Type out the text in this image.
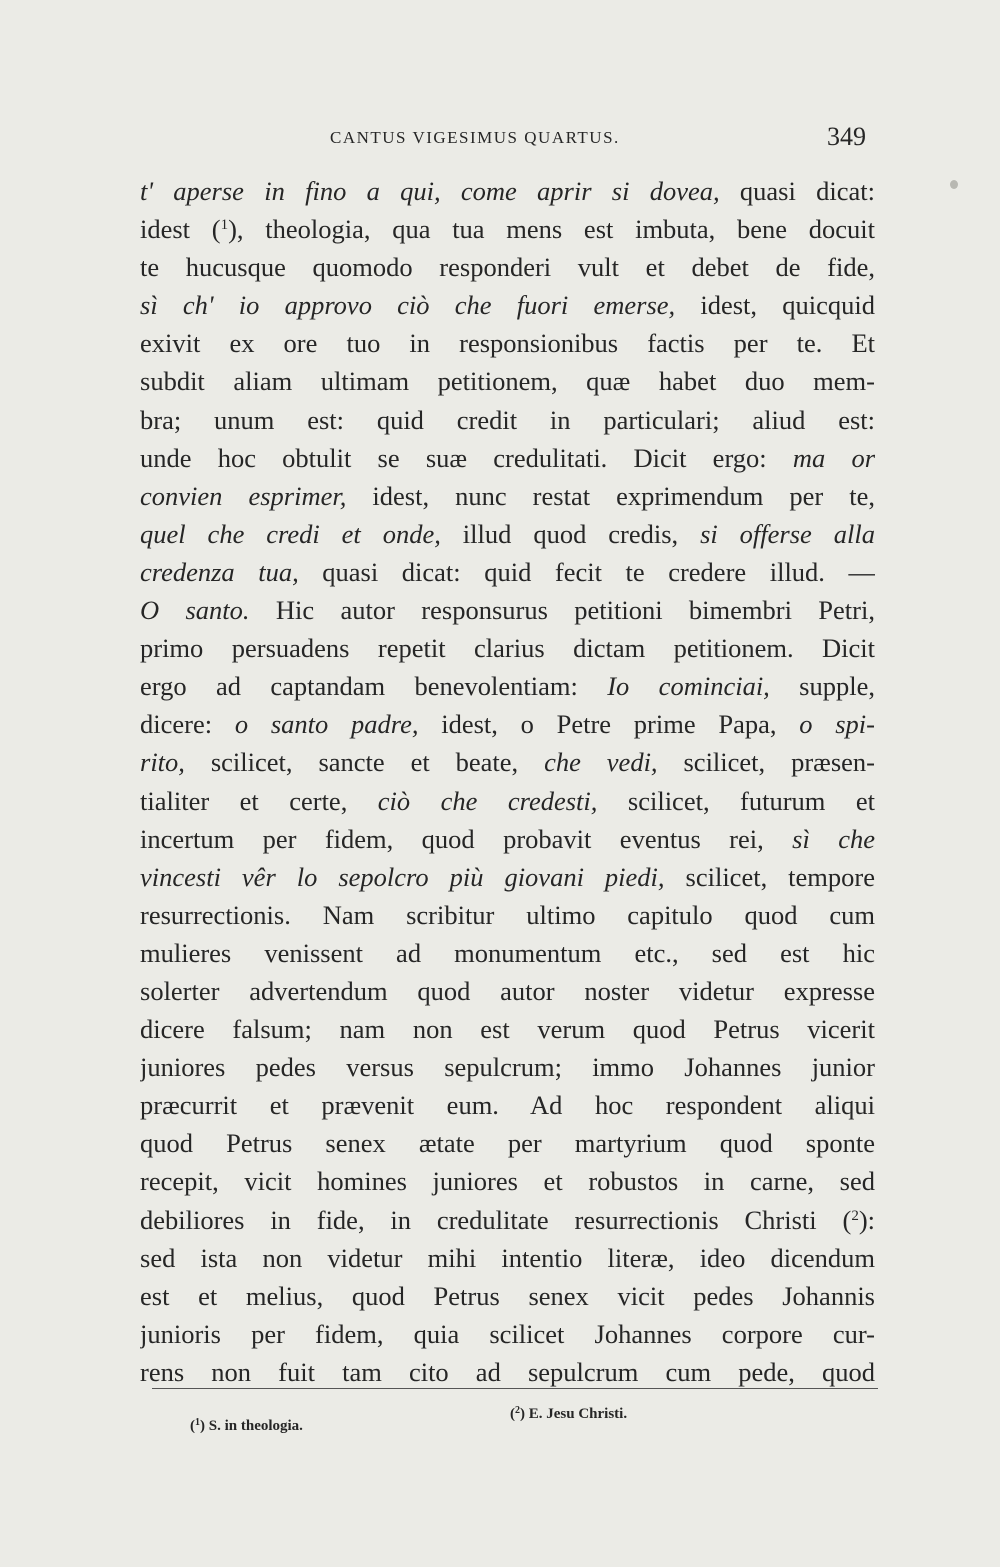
CANTUS VIGESIMUS QUARTUS.	349
t' aperse in fino a qui, come aprir si dovea, quasi dicat:
idest ($^1$), theologia, qua tua mens est imbuta, bene docuit
te hucusque quomodo responderi vult et debet de fide,
sì ch' io approvo ciò che fuori emerse, idest, quicquid
exivit ex ore tuo in responsionibus factis per te. Et
subdit aliam ultimam petitionem, quæ habet duo mem-
bra; unum est: quid credit in particulari; aliud est:
unde hoc obtulit se suæ credulitati. Dicit ergo: ma or
convien esprimer, idest, nunc restat exprimendum per te,
quel che credi et onde, illud quod credis, si offerse alla
credenza tua, quasi dicat: quid fecit te credere illud. —
O santo. Hic autor responsurus petitioni bimembri Petri,
primo persuadens repetit clarius dictam petitionem. Dicit
ergo ad captandam benevolentiam: Io cominciai, supple,
dicere: o santo padre, idest, o Petre prime Papa, o spi-
rito, scilicet, sancte et beate, che vedi, scilicet, præsen-
tialiter et certe, ciò che credesti, scilicet, futurum et
incertum per fidem, quod probavit eventus rei, sì che
vincesti vêr lo sepolcro più giovani piedi, scilicet, tempore
resurrectionis. Nam scribitur ultimo capitulo quod cum
mulieres venissent ad monumentum etc., sed est hic
solerter advertendum quod autor noster videtur expresse
dicere falsum; nam non est verum quod Petrus vicerit
juniores pedes versus sepulcrum; immo Johannes junior
præcurrit et prævenit eum. Ad hoc respondent aliqui
quod Petrus senex ætate per martyrium quod sponte
recepit, vicit homines juniores et robustos in carne, sed
debiliores in fide, in credulitate resurrectionis Christi ($^2$):
sed ista non videtur mihi intentio literæ, ideo dicendum
est et melius, quod Petrus senex vicit pedes Johannis
junioris per fidem, quia scilicet Johannes corpore cur-
rens non fuit tam cito ad sepulcrum cum pede, quod
($^1$) S. in theologia.
($^2$) E. Jesu Christi.
